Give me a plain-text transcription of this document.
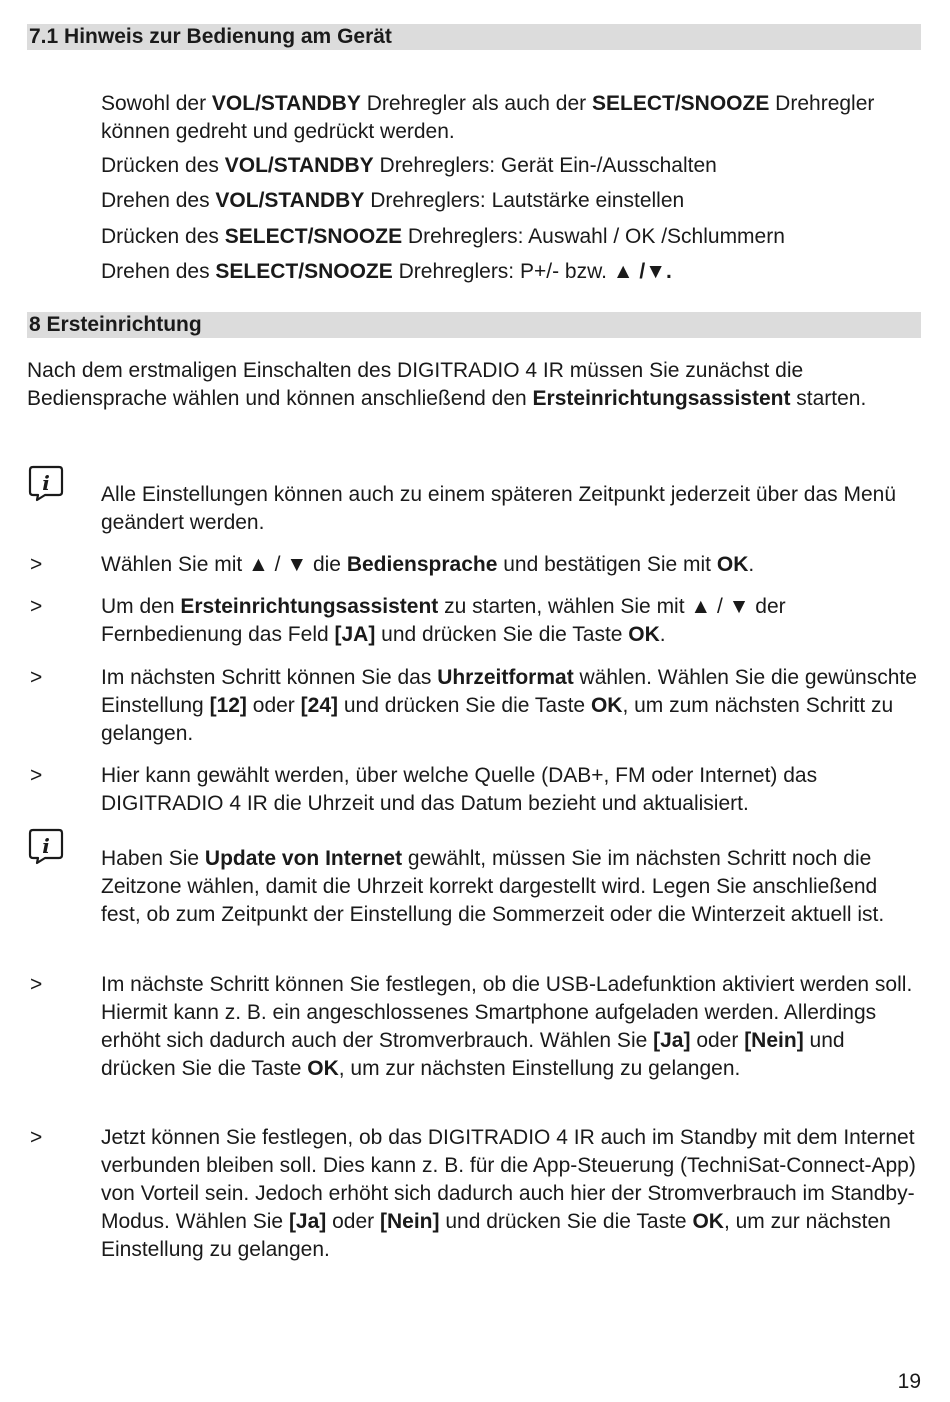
7.1 Hinweis zur Bedienung am Gerät

Sowohl der VOL/STANDBY Drehregler als auch der SELECT/SNOOZE Drehregler können gedreht und gedrückt werden.

Drücken des VOL/STANDBY Drehreglers: Gerät Ein-/Ausschalten

Drehen des VOL/STANDBY Drehreglers: Lautstärke einstellen

Drücken des SELECT/SNOOZE Drehreglers: Auswahl / OK /Schlummern

Drehen des SELECT/SNOOZE Drehreglers: P+/- bzw. ▲ /▼.

8 Ersteinrichtung

Nach dem erstmaligen Einschalten des DIGITRADIO 4 IR müssen Sie zunächst die Bediensprache wählen und können anschließend den Ersteinrichtungsassistent starten.

i Alle Einstellungen können auch zu einem späteren Zeitpunkt jederzeit über das Menü geändert werden.

>	Wählen Sie mit ▲ / ▼ die Bediensprache und bestätigen Sie mit OK.

>	Um den Ersteinrichtungsassistent zu starten, wählen Sie mit ▲ / ▼ der Fernbedienung das Feld [JA] und drücken Sie die Taste OK.

>	Im nächsten Schritt können Sie das Uhrzeitformat wählen. Wählen Sie die gewünschte Einstellung [12] oder [24] und drücken Sie die Taste OK, um zum nächsten Schritt zu gelangen.

>	Hier kann gewählt werden, über welche Quelle (DAB+, FM oder Internet) das DIGITRADIO 4 IR die Uhrzeit und das Datum bezieht und aktualisiert.

i

Haben Sie Update von Internet gewählt, müssen Sie im nächsten Schritt noch die Zeitzone wählen, damit die Uhrzeit korrekt dargestellt wird. Legen Sie anschließend fest, ob zum Zeitpunkt der Einstellung die Sommerzeit oder die Winterzeit aktuell ist.

>	Im nächste Schritt können Sie festlegen, ob die USB-Ladefunktion aktiviert werden soll. Hiermit kann z. B. ein angeschlossenes Smartphone aufgeladen werden. Allerdings erhöht sich dadurch auch der Stromverbrauch. Wählen Sie [Ja] oder [Nein] und drücken Sie die Taste OK, um zur nächsten Einstellung zu gelangen.

>	Jetzt können Sie festlegen, ob das DIGITRADIO 4 IR auch im Standby mit dem Internet verbunden bleiben soll. Dies kann z. B. für die App-Steuerung (TechniSat-Connect-App) von Vorteil sein. Jedoch erhöht sich dadurch auch hier der Stromverbrauch im Standby-Modus. Wählen Sie [Ja] oder [Nein] und drücken Sie die Taste OK, um zur nächsten Einstellung zu gelangen.

19
